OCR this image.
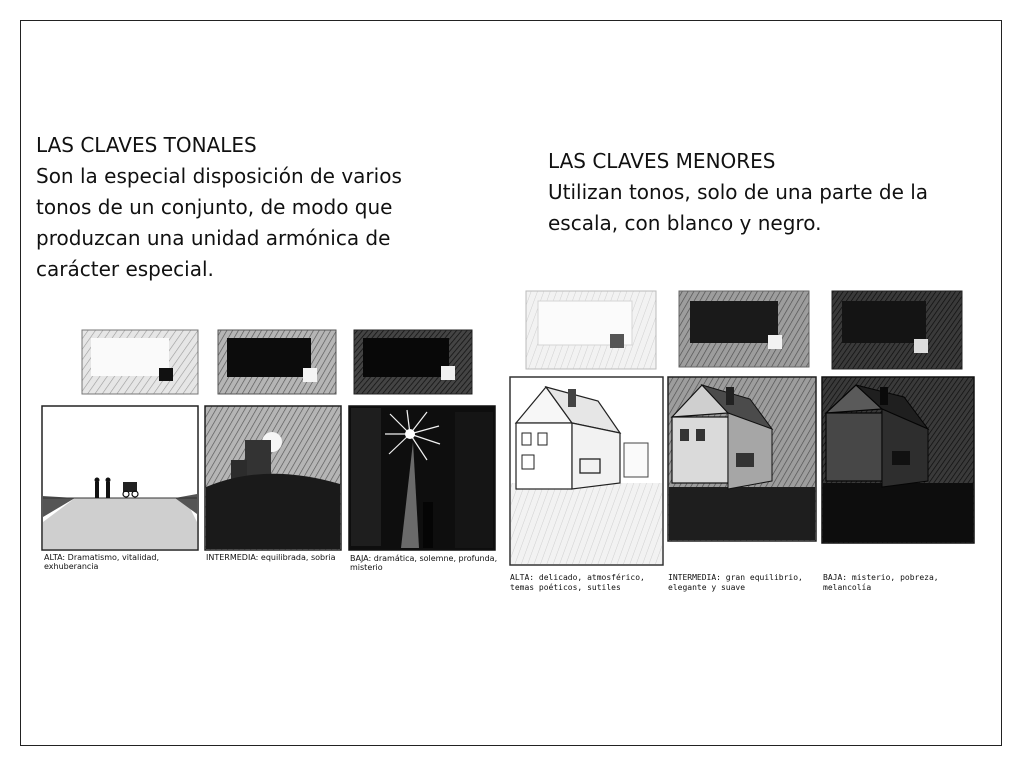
LAS CLAVES TONALES

Son la especial disposición de varios

tonos de un conjunto, de modo que

produzcan una unidad armónica de

carácter especial.

LAS CLAVES MENORES

Utilizan tonos, solo de una parte de la

escala, con blanco y negro.

ALTA: Dramatismo, vitalidad, exhuberancia
INTERMEDIA: equilibrada, sobria	BAJA: dramática, solemne, profunda,
misterio
ALTA: delicado, atmosférico,
temas poéticos, sutiles
INTERMEDIA: gran equilibrio,
elegante y suave
BAJA: misterio, pobreza, melancolía
